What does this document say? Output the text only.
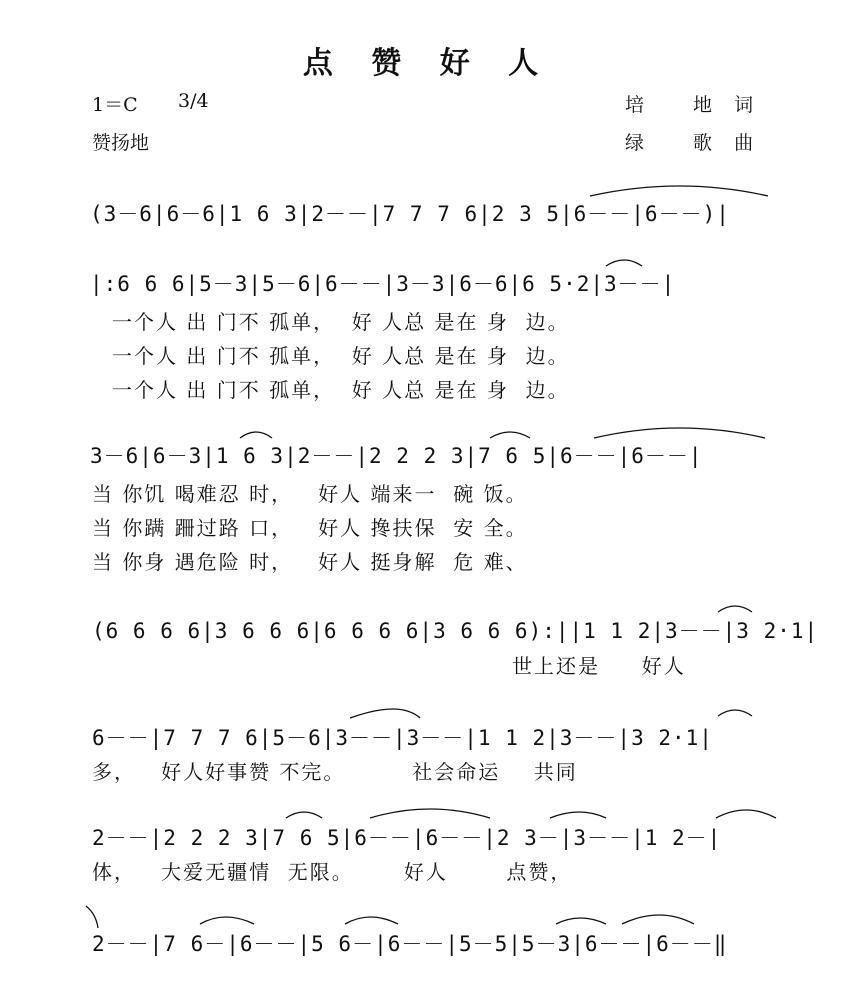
点 赞 好 人
1＝C 3/4
赞扬地
培　 地 词
绿　 歌 曲
(3－6|6－6|1 6 3|2－－|7 7 7 6|2 3 5|6－－|6－－)|
|:6 6 6|5－3|5－6|6－－|3－3|6－6|6 5·2|3－－|
一个人 出 门不 孤单，  好 人总 是在 身  边。
一个人 出 门不 孤单，  好 人总 是在 身  边。
一个人 出 门不 孤单，  好 人总 是在 身  边。
3－6|6－3|1 6 3|2－－|2 2 2 3|7 6 5|6－－|6－－|
当 你饥 喝难忍 时，   好人 端来一  碗 饭。
当 你蹒 跚过路 口，   好人 搀扶保  安 全。
当 你身 遇危险 时，   好人 挺身解  危 难、
(6 6 6 6|3 6 6 6|6 6 6 6|3 6 6 6):||1 1 2|3－－|3 2·1|
世上还是     好人
6－－|7 7 7 6|5－6|3－－|3－－|1 1 2|3－－|3 2·1|
多，   好人好事赞 不完。        社会命运    共同
2－－|2 2 2 3|7 6 5|6－－|6－－|2 3－|3－－|1 2－|
体，   大爱无疆情  无限。      好人       点赞，
2－－|7 6－|6－－|5 6－|6－－|5－5|5－3|6－－|6－－‖
